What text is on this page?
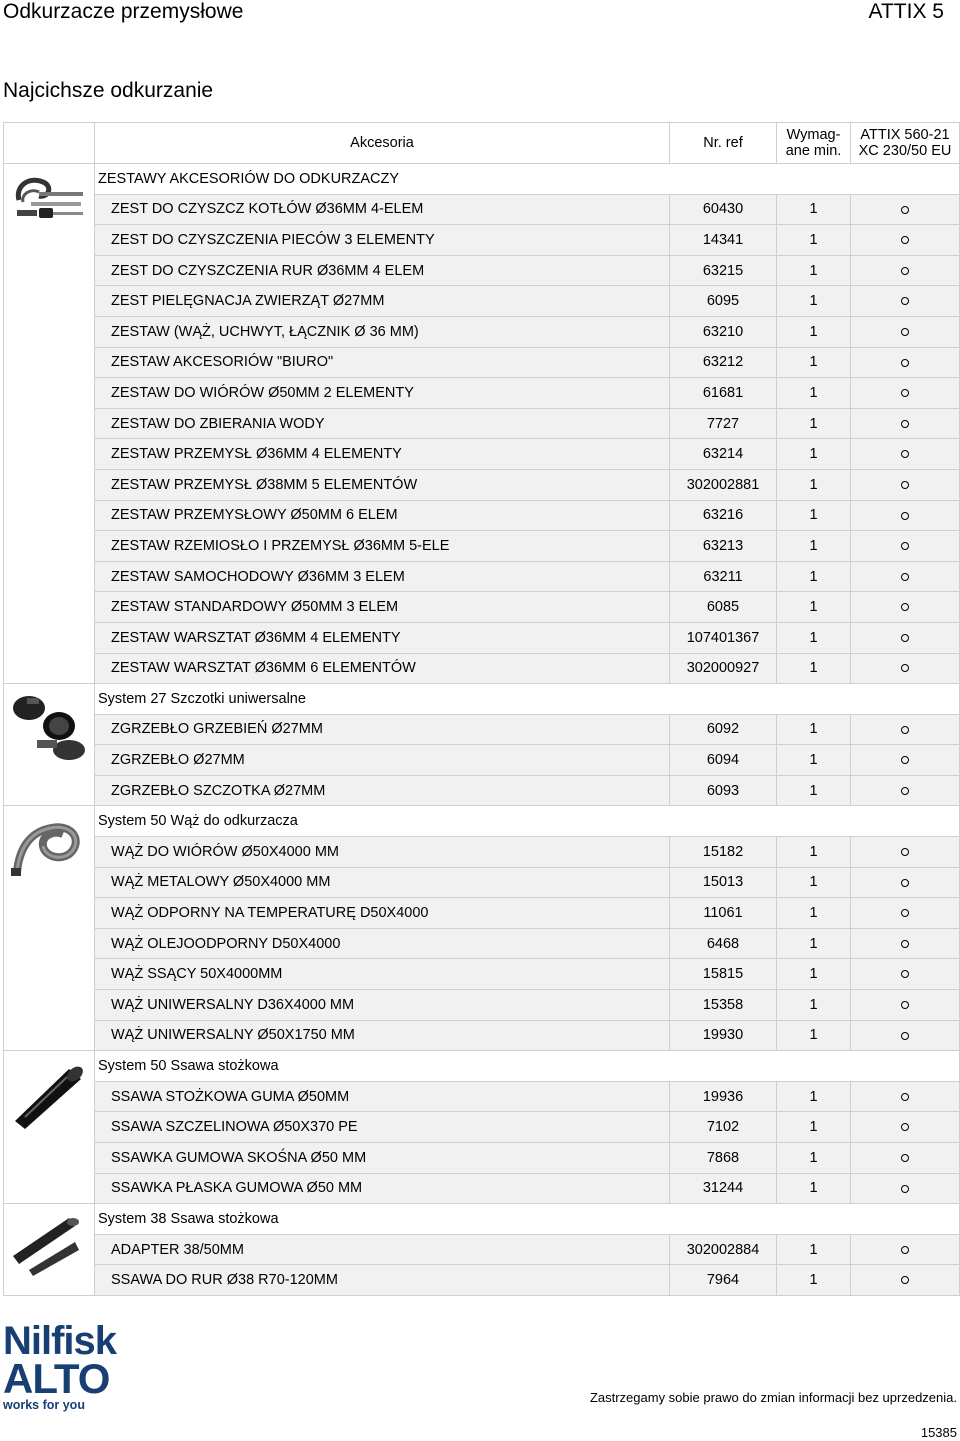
Odkurzacze przemysłowe	ATTIX 5
Najcichsze odkurzanie
	Akcesoria	Nr. ref	Wymag-
ane min.	ATTIX 560-21
XC 230/50 EU

	ZESTAWY AKCESORIÓW DO ODKURZACZY			
	ZEST DO CZYSZCZ KOTŁÓW Ø36MM 4-ELEM	60430	1	
	ZEST DO CZYSZCZENIA PIECÓW 3 ELEMENTY	14341	1	
	ZEST DO CZYSZCZENIA RUR Ø36MM 4 ELEM	63215	1	
	ZEST PIELĘGNACJA ZWIERZĄT Ø27MM	6095	1	
	ZESTAW (WĄŻ, UCHWYT, ŁĄCZNIK Ø 36 MM)	63210	1	
	ZESTAW AKCESORIÓW "BIURO"	63212	1	
	ZESTAW DO WIÓRÓW Ø50MM 2 ELEMENTY	61681	1	
	ZESTAW DO ZBIERANIA WODY	7727	1	
	ZESTAW PRZEMYSŁ Ø36MM 4 ELEMENTY	63214	1	
	ZESTAW PRZEMYSŁ Ø38MM 5 ELEMENTÓW	302002881	1	
	ZESTAW PRZEMYSŁOWY Ø50MM 6 ELEM	63216	1	
	ZESTAW RZEMIOSŁO I PRZEMYSŁ Ø36MM 5-ELE	63213	1	
	ZESTAW SAMOCHODOWY Ø36MM 3 ELEM	63211	1	
	ZESTAW STANDARDOWY Ø50MM 3 ELEM	6085	1	
	ZESTAW WARSZTAT Ø36MM 4 ELEMENTY	107401367	1	
	ZESTAW WARSZTAT Ø36MM 6 ELEMENTÓW	302000927	1	

	System 27 Szczotki uniwersalne			
	ZGRZEBŁO GRZEBIEŃ Ø27MM	6092	1	
	ZGRZEBŁO Ø27MM	6094	1	
	ZGRZEBŁO SZCZOTKA Ø27MM	6093	1	

	System 50 Wąż do odkurzacza			
	WĄŻ DO WIÓRÓW Ø50X4000 MM	15182	1	
	WĄŻ METALOWY Ø50X4000 MM	15013	1	
	WĄŻ ODPORNY NA TEMPERATURĘ D50X4000	11061	1	
	WĄŻ OLEJOODPORNY D50X4000	6468	1	
	WĄŻ SSĄCY 50X4000MM	15815	1	
	WĄŻ UNIWERSALNY D36X4000 MM	15358	1	
	WĄŻ UNIWERSALNY Ø50X1750 MM	19930	1	

	System 50 Ssawa stożkowa			
	SSAWA STOŻKOWA GUMA Ø50MM	19936	1	
	SSAWA SZCZELINOWA Ø50X370 PE	7102	1	
	SSAWKA GUMOWA SKOŚNA Ø50 MM	7868	1	
	SSAWKA PŁASKA GUMOWA Ø50 MM	31244	1	

	System 38 Ssawa stożkowa			
	ADAPTER 38/50MM	302002884	1	
	SSAWA DO RUR Ø38 R70-120MM	7964	1	
Nilfisk
ALTO
works for you	Zastrzegamy sobie prawo do zmian informacji bez uprzedzenia.
15385
